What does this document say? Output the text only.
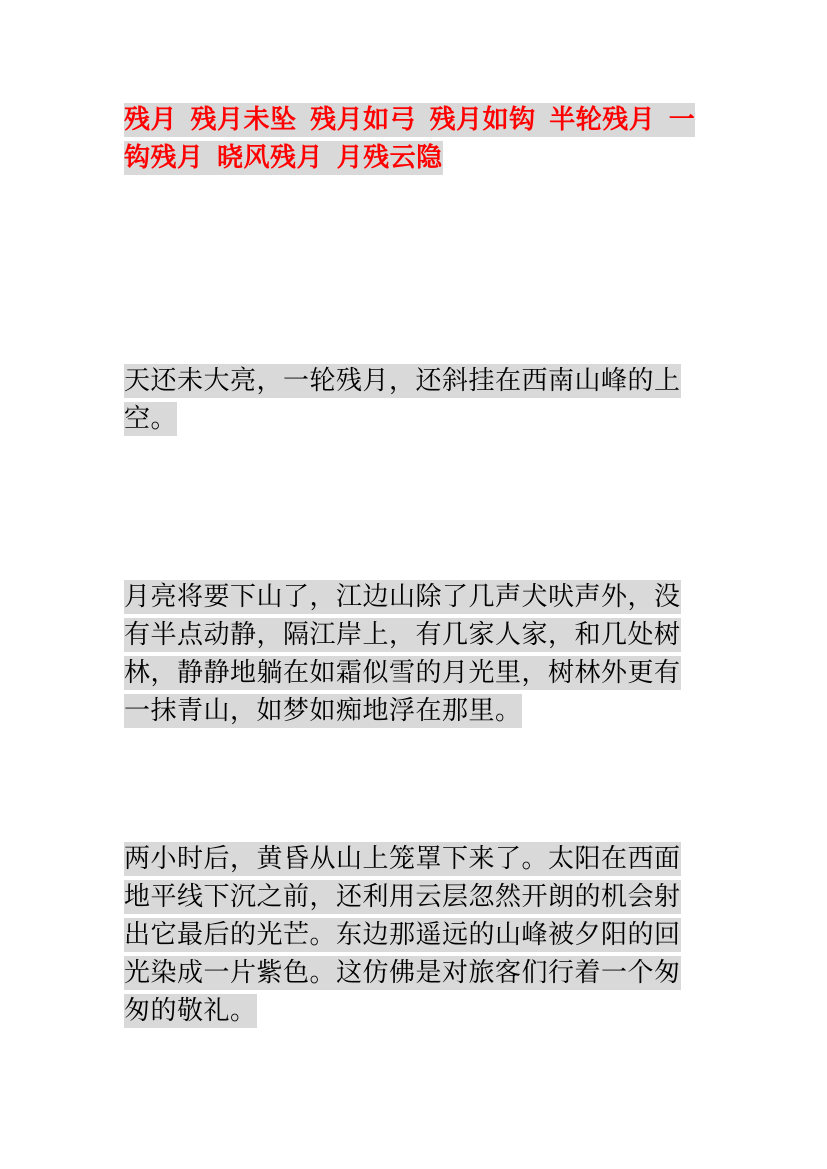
残月 残月未坠 残月如弓 残月如钩 半轮残月 一钩残月 晓风残月 月残云隐

天还未大亮，一轮残月，还斜挂在西南山峰的上空。

月亮将要下山了，江边山除了几声犬吠声外，没有半点动静，隔江岸上，有几家人家，和几处树林，静静地躺在如霜似雪的月光里，树林外更有一抹青山，如梦如痴地浮在那里。

两小时后，黄昏从山上笼罩下来了。太阳在西面地平线下沉之前，还利用云层忽然开朗的机会射出它最后的光芒。东边那遥远的山峰被夕阳的回光染成一片紫色。这仿佛是对旅客们行着一个匆匆的敬礼。
